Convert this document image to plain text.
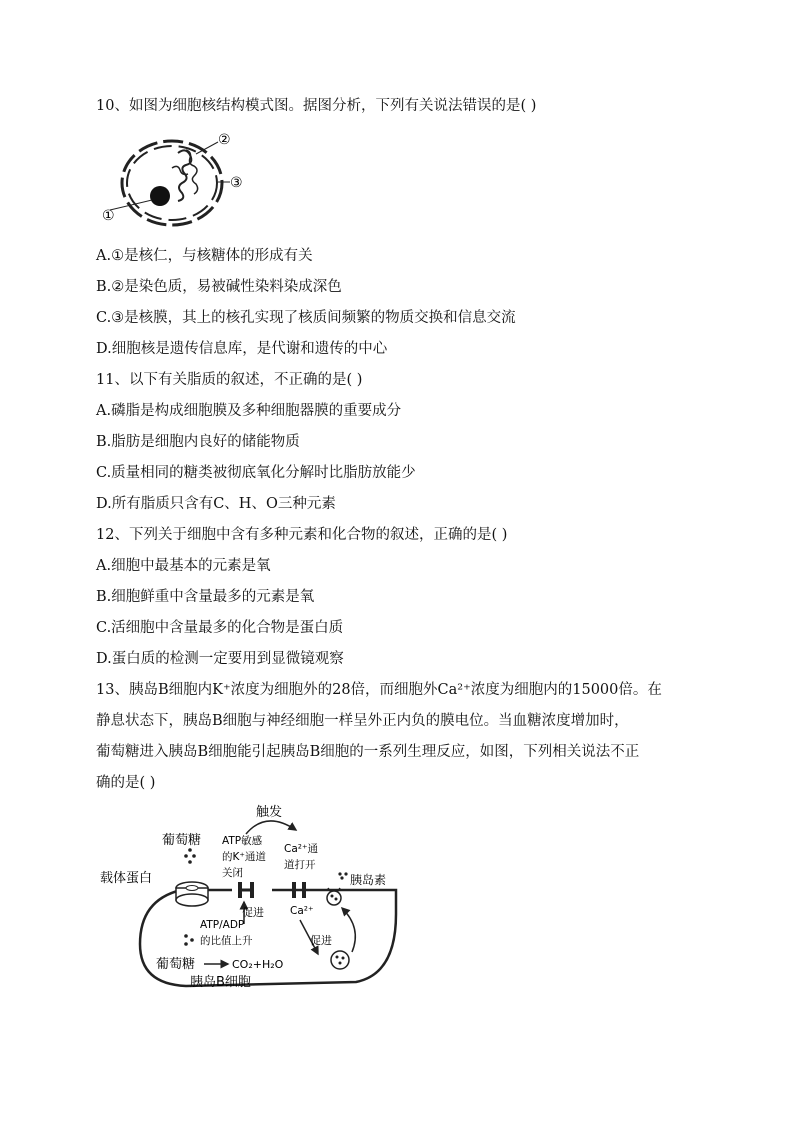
10、如图为细胞核结构模式图。据图分析，下列有关说法错误的是( )
①
②
③
A.①是核仁，与核糖体的形成有关
B.②是染色质，易被碱性染料染成深色
C.③是核膜，其上的核孔实现了核质间频繁的物质交换和信息交流
D.细胞核是遗传信息库，是代谢和遗传的中心
11、以下有关脂质的叙述，不正确的是( )
A.磷脂是构成细胞膜及多种细胞器膜的重要成分
B.脂肪是细胞内良好的储能物质
C.质量相同的糖类被彻底氧化分解时比脂肪放能少
D.所有脂质只含有C、H、O三种元素
12、下列关于细胞中含有多种元素和化合物的叙述，正确的是( )
A.细胞中最基本的元素是氧
B.细胞鲜重中含量最多的元素是氧
C.活细胞中含量最多的化合物是蛋白质
D.蛋白质的检测一定要用到显微镜观察
13、胰岛B细胞内K⁺浓度为细胞外的28倍，而细胞外Ca²⁺浓度为细胞内的15000倍。在
静息状态下，胰岛B细胞与神经细胞一样呈外正内负的膜电位。当血糖浓度增加时，
葡萄糖进入胰岛B细胞能引起胰岛B细胞的一系列生理反应，如图，下列相关说法不正
确的是( )
触发
葡萄糖 ATP敏感
的K⁺通道
关闭
Ca²⁺通
道打开
胰岛素
载体蛋白
促进
ATP/ADP
的比值上升
Ca²⁺
促进
葡萄糖	CO₂+H₂O
胰岛B细胞
